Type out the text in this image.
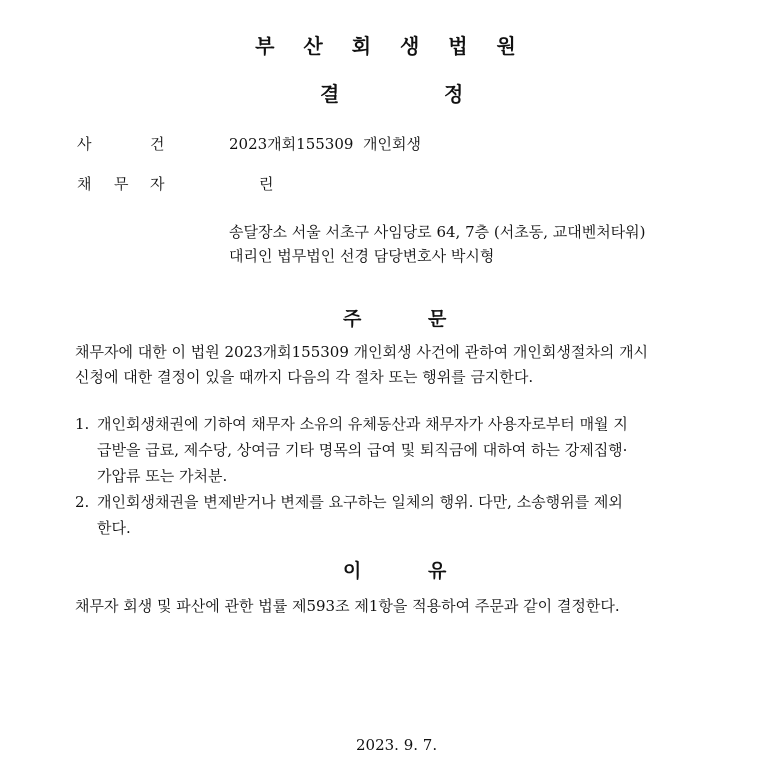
부 산 회 생 법 원
결	정
사	건	2023개회155309 개인회생
채 무 자	린
송달장소 서울 서초구 사임당로 64, 7층 (서초동, 교대벤처타워)
대리인 법무법인 선경 담당변호사 박시형
주	문
채무자에 대한 이 법원 2023개회155309 개인회생 사건에 관하여 개인회생절차의 개시
신청에 대한 결정이 있을 때까지 다음의 각 절차 또는 행위를 금지한다.
1. 개인회생채권에 기하여 채무자 소유의 유체동산과 채무자가 사용자로부터 매월 지
급받을 급료, 제수당, 상여금 기타 명목의 급여 및 퇴직금에 대하여 하는 강제집행·
가압류 또는 가처분.
2. 개인회생채권을 변제받거나 변제를 요구하는 일체의 행위. 다만, 소송행위를 제외
한다.
이	유
채무자 회생 및 파산에 관한 법률 제593조 제1항을 적용하여 주문과 같이 결정한다.
2023. 9. 7.
